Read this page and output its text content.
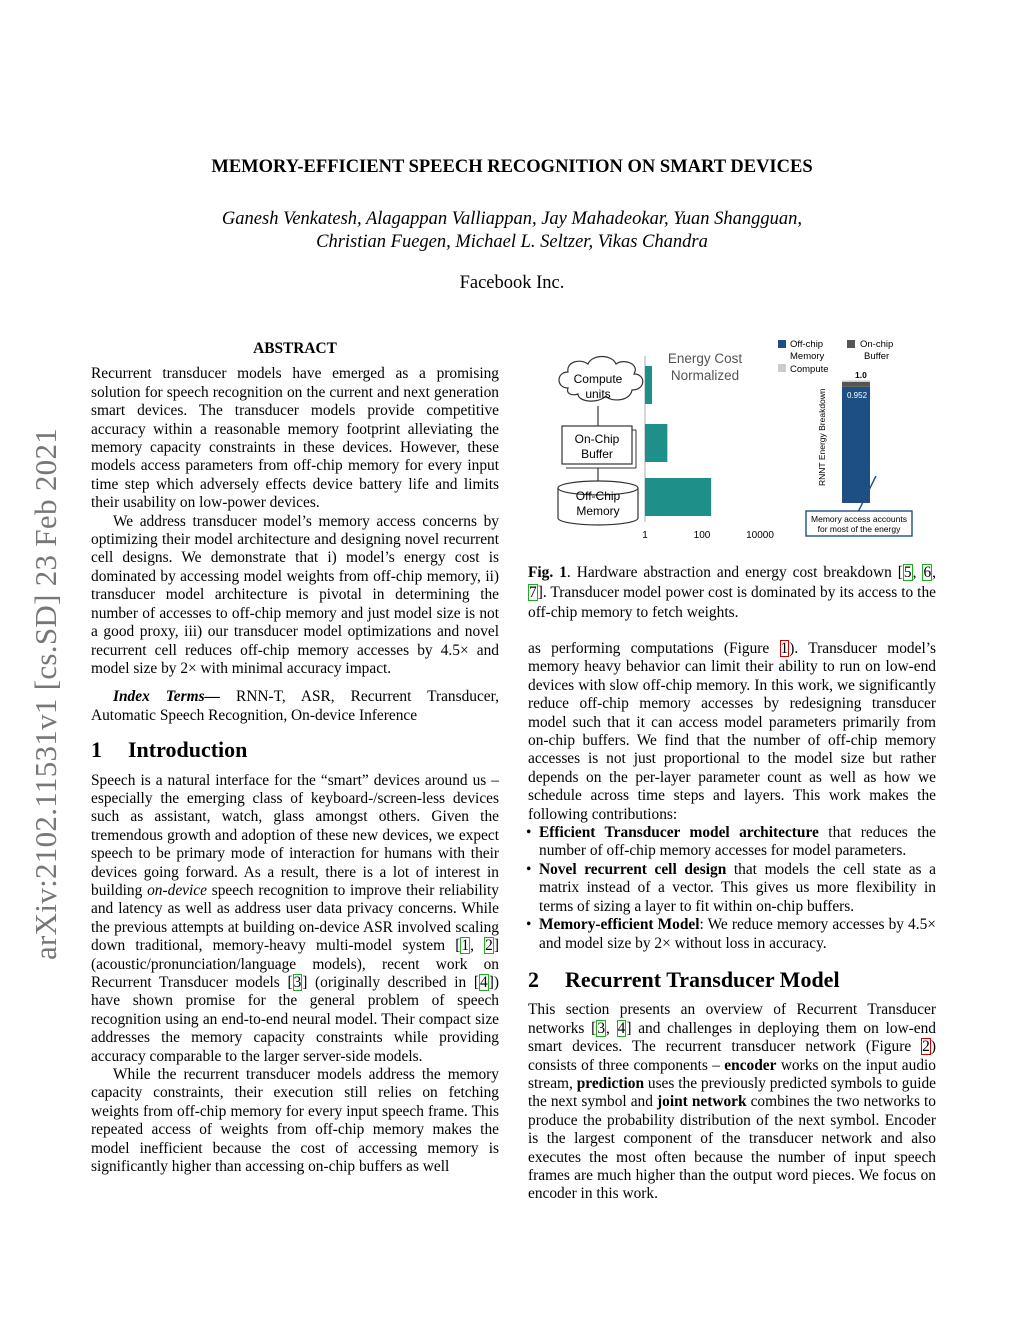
arXiv:2102.11531v1 [cs.SD] 23 Feb 2021
MEMORY-EFFICIENT SPEECH RECOGNITION ON SMART DEVICES
Ganesh Venkatesh, Alagappan Valliappan, Jay Mahadeokar, Yuan Shangguan,
Christian Fuegen, Michael L. Seltzer, Vikas Chandra
Facebook Inc.
ABSTRACT

Recurrent transducer models have emerged as a promising solution for speech recognition on the current and next generation smart devices. The transducer models provide competitive accuracy within a reasonable memory footprint alleviating the memory capacity constraints in these devices. However, these models access parameters from off-chip memory for every input time step which adversely effects device battery life and limits their usability on low-power devices.

We address transducer model’s memory access concerns by optimizing their model architecture and designing novel recurrent cell designs. We demonstrate that i) model’s energy cost is dominated by accessing model weights from off-chip memory, ii) transducer model architecture is pivotal in determining the number of accesses to off-chip memory and just model size is not a good proxy, iii) our transducer model optimizations and novel recurrent cell reduces off-chip memory accesses by 4.5× and model size by 2× with minimal accuracy impact.

Index Terms— RNN-T, ASR, Recurrent Transducer, Automatic Speech Recognition, On-device Inference

1 Introduction

Speech is a natural interface for the “smart” devices around us – especially the emerging class of keyboard-/screen-less devices such as assistant, watch, glass amongst others. Given the tremendous growth and adoption of these new devices, we expect speech to be primary mode of interaction for humans with their devices going forward. As a result, there is a lot of interest in building on-device speech recognition to improve their reliability and latency as well as address user data privacy concerns. While the previous attempts at building on-device ASR involved scaling down traditional, memory-heavy multi-model system [1, 2] (acoustic/pronunciation/language models), recent work on Recurrent Transducer models [3] (originally described in [4]) have shown promise for the general problem of speech recognition using an end-to-end neural model. Their compact size addresses the memory capacity constraints while providing accuracy comparable to the larger server-side models.

While the recurrent transducer models address the memory capacity constraints, their execution still relies on fetching weights from off-chip memory for every input speech frame. This repeated access of weights from off-chip memory makes the model inefficient because the cost of accessing memory is significantly higher than accessing on-chip buffers as well

Compute
units
On-Chip
Buffer
Off-Chip
Memory
Energy Cost
Normalized
1	100	10000
Off-chip
Memory
On-chip
Buffer
Compute
RNNT Energy Breakdown
1.0
0.952
Memory access accounts
for most of the energy
Fig. 1. Hardware abstraction and energy cost breakdown [5, 6, 7]. Transducer model power cost is dominated by its access to the off-chip memory to fetch weights.

as performing computations (Figure 1). Transducer model’s memory heavy behavior can limit their ability to run on low-end devices with slow off-chip memory. In this work, we significantly reduce off-chip memory accesses by redesigning transducer model such that it can access model parameters primarily from on-chip buffers. We find that the number of off-chip memory accesses is not just proportional to the model size but rather depends on the per-layer parameter count as well as how we schedule across time steps and layers. This work makes the following contributions:

• Efficient Transducer model architecture that reduces the number of off-chip memory accesses for model parameters.
• Novel recurrent cell design that models the cell state as a matrix instead of a vector. This gives us more flexibility in terms of sizing a layer to fit within on-chip buffers.
• Memory-efficient Model: We reduce memory accesses by 4.5× and model size by 2× without loss in accuracy.
2 Recurrent Transducer Model

This section presents an overview of Recurrent Transducer networks [3, 4] and challenges in deploying them on low-end smart devices. The recurrent transducer network (Figure 2) consists of three components – encoder works on the input audio stream, prediction uses the previously predicted symbols to guide the next symbol and joint network combines the two networks to produce the probability distribution of the next symbol. Encoder is the largest component of the transducer network and also executes the most often because the number of input speech frames are much higher than the output word pieces. We focus on encoder in this work.
